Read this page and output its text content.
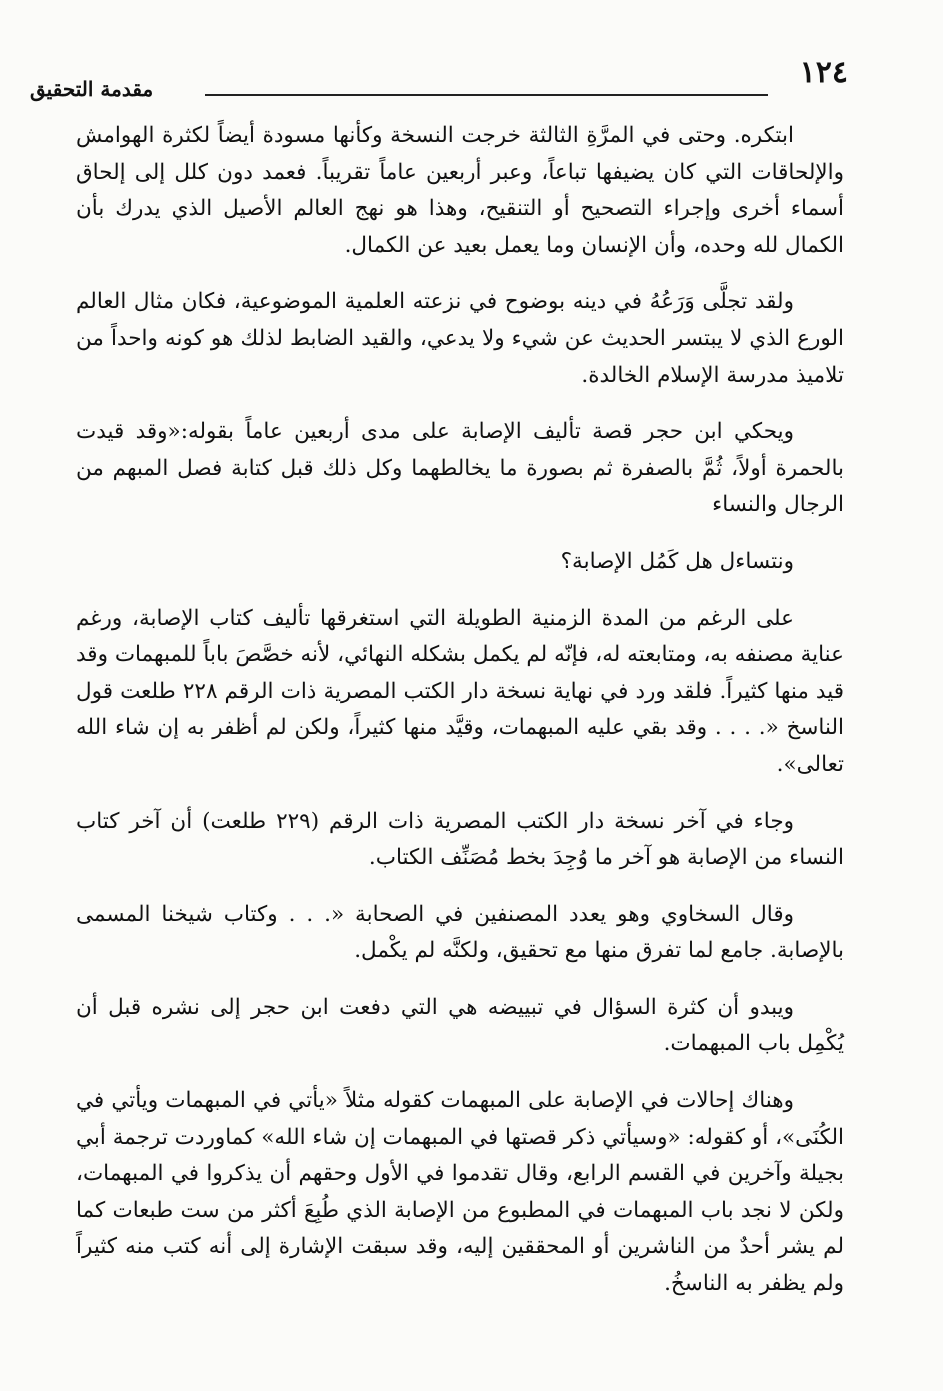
١٢٤
مقدمة التحقيق

ابتكره. وحتى في المرَّةِ الثالثة خرجت النسخة وكأنها مسودة أيضاً لكثرة الهوامش والإلحاقات التي كان يضيفها تباعاً، وعبر أربعين عاماً تقريباً. فعمد دون كلل إلى إلحاق أسماء أخرى وإجراء التصحيح أو التنقيح، وهذا هو نهج العالم الأصيل الذي يدرك بأن الكمال لله وحده، وأن الإنسان وما يعمل بعيد عن الكمال.

ولقد تجلَّى وَرَعُهُ في دينه بوضوح في نزعته العلمية الموضوعية، فكان مثال العالم الورع الذي لا يبتسر الحديث عن شيء ولا يدعي، والقيد الضابط لذلك هو كونه واحداً من تلاميذ مدرسة الإسلام الخالدة.

ويحكي ابن حجر قصة تأليف الإصابة على مدى أربعين عاماً بقوله:«وقد قيدت بالحمرة أولاً، ثُمَّ بالصفرة ثم بصورة ما يخالطهما وكل ذلك قبل كتابة فصل المبهم من الرجال والنساء

ونتساءل هل كَمُل الإصابة؟

على الرغم من المدة الزمنية الطويلة التي استغرقها تأليف كتاب الإصابة، ورغم عناية مصنفه به، ومتابعته له، فإنّه لم يكمل بشكله النهائي، لأنه خصَّصَ باباً للمبهمات وقد قيد منها كثيراً. فلقد ورد في نهاية نسخة دار الكتب المصرية ذات الرقم ٢٢٨ طلعت قول الناسخ «. . . . وقد بقي عليه المبهمات، وقيَّد منها كثيراً، ولكن لم أظفر به إن شاء الله تعالى».

وجاء في آخر نسخة دار الكتب المصرية ذات الرقم (٢٢٩ طلعت) أن آخر كتاب النساء من الإصابة هو آخر ما وُجِدَ بخط مُصَنِّف الكتاب.

وقال السخاوي وهو يعدد المصنفين في الصحابة «. . . وكتاب شيخنا المسمى بالإصابة. جامع لما تفرق منها مع تحقيق، ولكنَّه لم يكْمل.

ويبدو أن كثرة السؤال في تبييضه هي التي دفعت ابن حجر إلى نشره قبل أن يُكْمِل باب المبهمات.

وهناك إحالات في الإصابة على المبهمات كقوله مثلاً «يأتي في المبهمات ويأتي في الكُنَى»، أو كقوله: «وسيأتي ذكر قصتها في المبهمات إن شاء الله» كماوردت ترجمة أبي بجيلة وآخرين في القسم الرابع، وقال تقدموا في الأول وحقهم أن يذكروا في المبهمات، ولكن لا نجد باب المبهمات في المطبوع من الإصابة الذي طُبِعَ أكثر من ست طبعات كما لم يشر أحدٌ من الناشرين أو المحققين إليه، وقد سبقت الإشارة إلى أنه كتب منه كثيراً ولم يظفر به الناسخُ.
